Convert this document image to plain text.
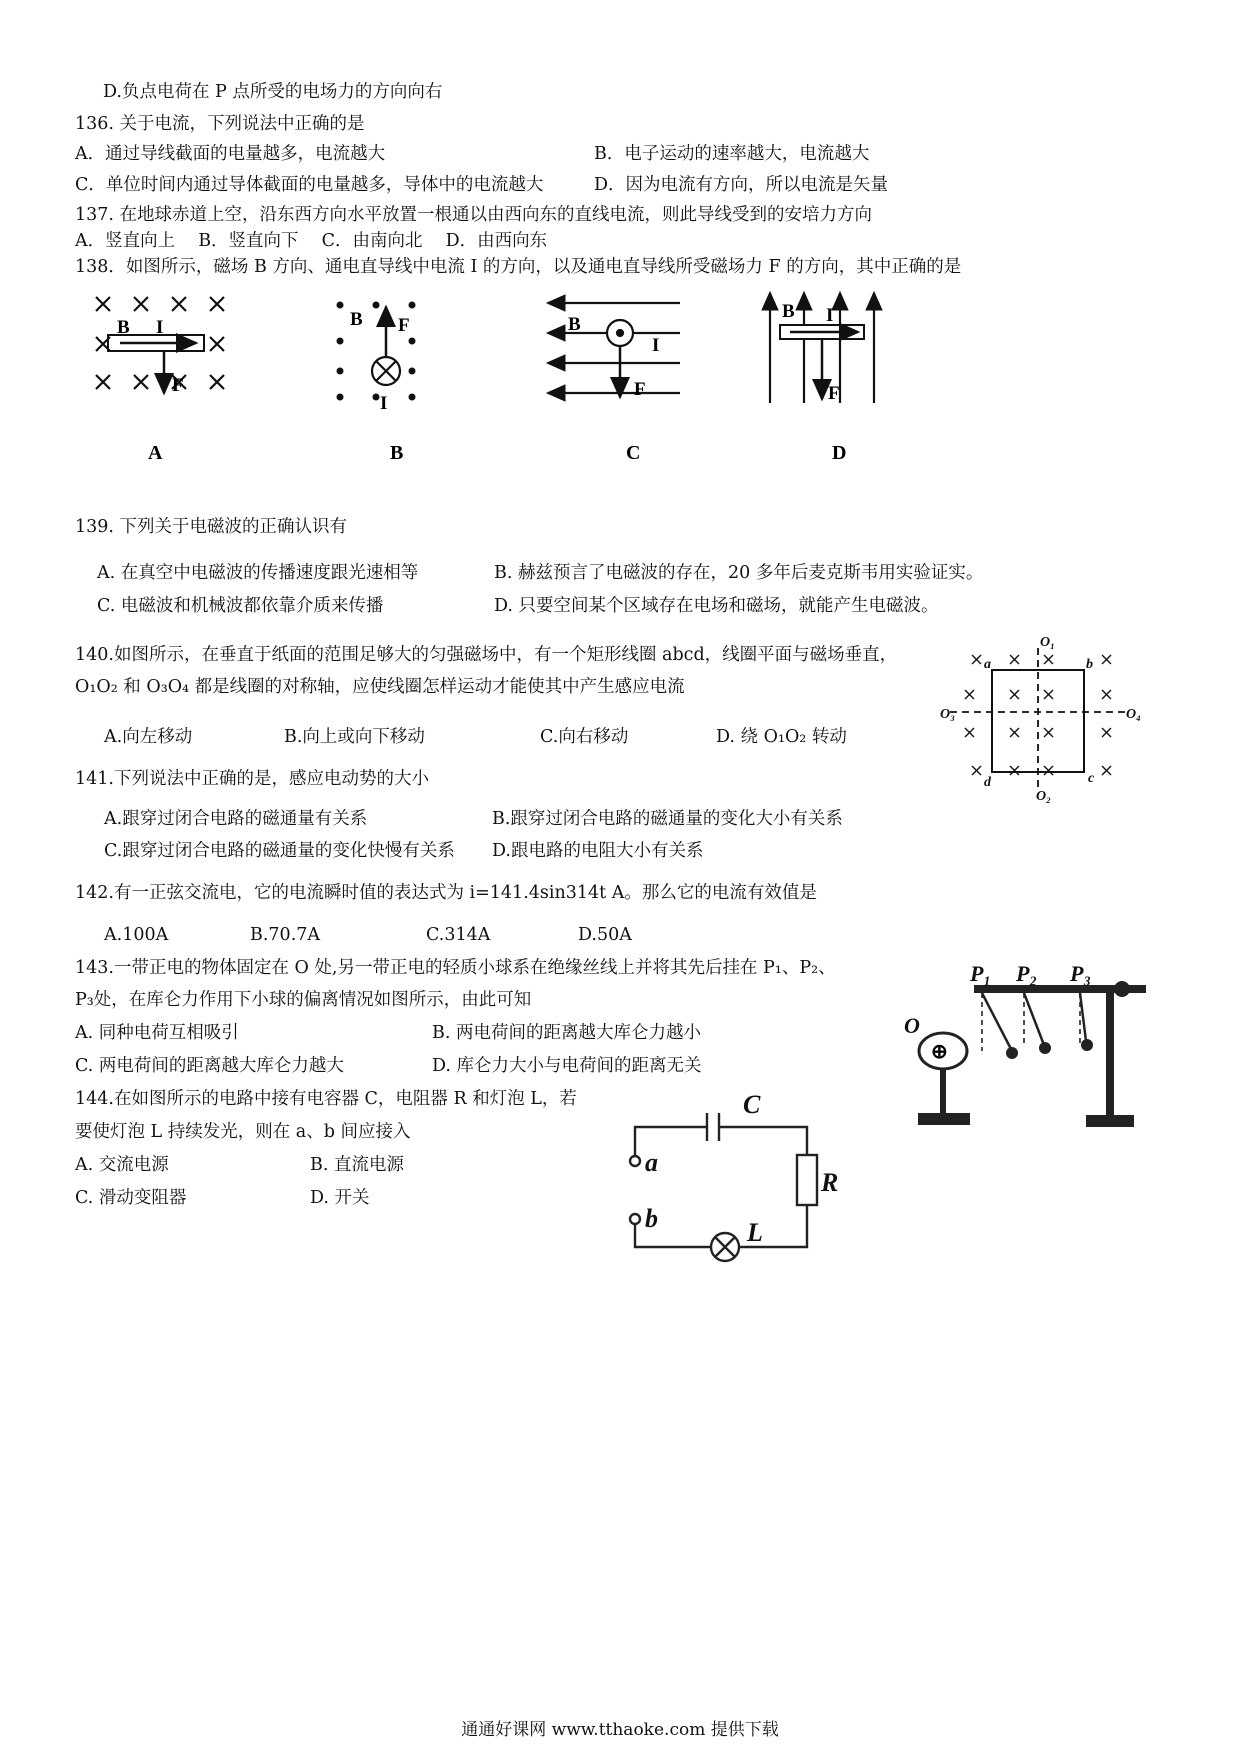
D.负点电荷在 P 点所受的电场力的方向向右
136. 关于电流，下列说法中正确的是
A．通过导线截面的电量越多，电流越大	B．电子运动的速率越大，电流越大
C．单位时间内通过导体截面的电量越多，导体中的电流越大	D．因为电流有方向，所以电流是矢量
137. 在地球赤道上空，沿东西方向水平放置一根通以由西向东的直线电流，则此导线受到的安培力方向
A．竖直向上　 B．竖直向下　 C．由南向北　 D．由西向东
138．如图所示，磁场 B 方向、通电直导线中电流 I 的方向，以及通电直导线所受磁场力 F 的方向，其中正确的是
B I
F
B F
I
B
I
F
B I
F
A	B	C	D
139. 下列关于电磁波的正确认识有
A. 在真空中电磁波的传播速度跟光速相等	B. 赫兹预言了电磁波的存在，20 多年后麦克斯韦用实验证实。
C. 电磁波和机械波都依靠介质来传播	D. 只要空间某个区域存在电场和磁场，就能产生电磁波。
140.如图所示，在垂直于纸面的范围足够大的匀强磁场中，有一个矩形线圈 abcd，线圈平面与磁场垂直，
O₁O₂ 和 O₃O₄ 都是线圈的对称轴，应使线圈怎样运动才能使其中产生感应电流
A.向左移动	B.向上或向下移动	C.向右移动	D. 绕 O₁O₂ 转动
O₁
O₂
O₃	O₄
a	b
c
d
141.下列说法中正确的是，感应电动势的大小
A.跟穿过闭合电路的磁通量有关系	B.跟穿过闭合电路的磁通量的变化大小有关系
C.跟穿过闭合电路的磁通量的变化快慢有关系 D.跟电路的电阻大小有关系
142.有一正弦交流电，它的电流瞬时值的表达式为 i=141.4sin314t A。那么它的电流有效值是
A.100A	B.70.7A	C.314A	D.50A
143.一带正电的物体固定在 O 处,另一带正电的轻质小球系在绝缘丝线上并将其先后挂在 P₁、P₂、
P₃处，在库仑力作用下小球的偏离情况如图所示，由此可知
A. 同种电荷互相吸引	B. 两电荷间的距离越大库仑力越小
C. 两电荷间的距离越大库仑力越大	D. 库仑力大小与电荷间的距离无关
⊕
O
P₁ P₂ P₃
144.在如图所示的电路中接有电容器 C，电阻器 R 和灯泡 L，若
要使灯泡 L 持续发光，则在 a、b 间应接入
A. 交流电源	B. 直流电源
C. 滑动变阻器	D. 开关
C
R
L
a
b
通通好课网 www.tthaoke.com 提供下载
